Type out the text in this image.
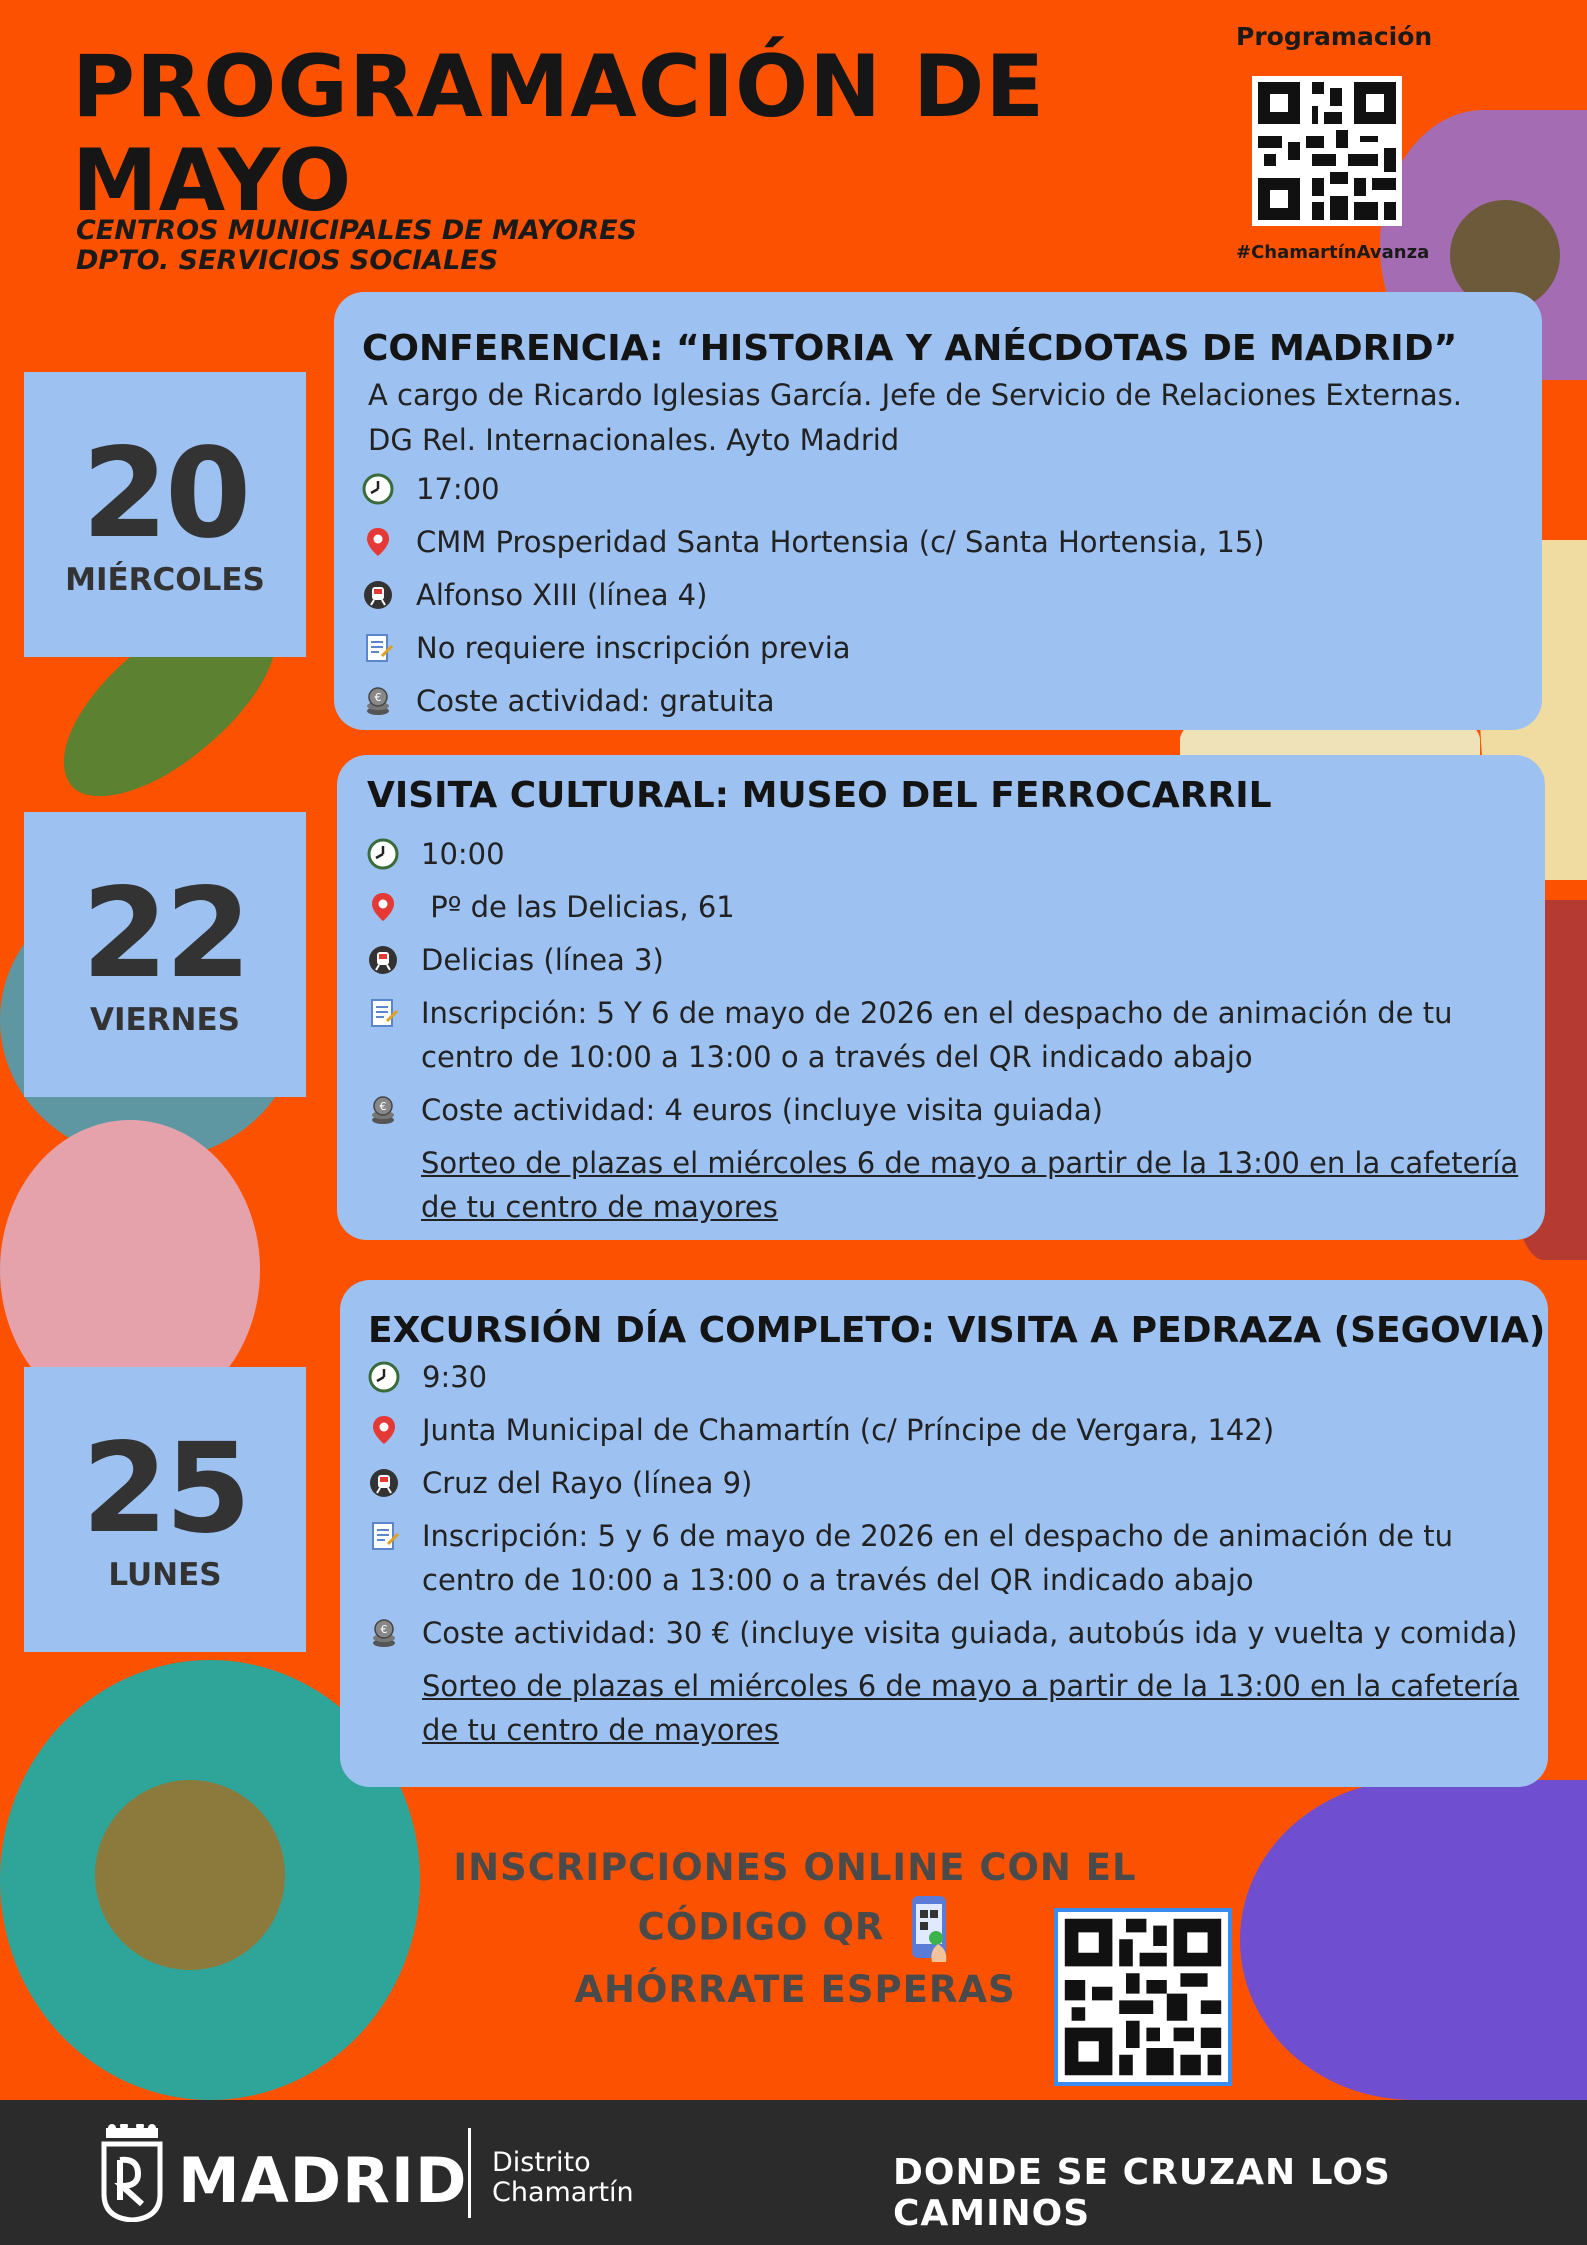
PROGRAMACIÓN DE
MAYO
CENTROS MUNICIPALES DE MAYORES
DPTO. SERVICIOS SOCIALES
Programación
#ChamartínAvanza
20
MIÉRCOLES
CONFERENCIA: “HISTORIA Y ANÉCDOTAS DE MADRID”
A cargo de Ricardo Iglesias García. Jefe de Servicio de Relaciones Externas.
DG Rel. Internacionales. Ayto Madrid
17:00
CMM Prosperidad Santa Hortensia (c/ Santa Hortensia, 15)
Alfonso XIII (línea 4)
No requiere inscripción previa
Coste actividad: gratuita
22
VIERNES
VISITA CULTURAL: MUSEO DEL FERROCARRIL
10:00
Pº de las Delicias, 61
Delicias (línea 3)
Inscripción: 5 Y 6 de mayo de 2026 en el despacho de animación de tu
centro de 10:00 a 13:00 o a través del QR indicado abajo
Coste actividad: 4 euros (incluye visita guiada)
Sorteo de plazas el miércoles 6 de mayo a partir de la 13:00 en la cafetería
de tu centro de mayores
25
LUNES
EXCURSIÓN DÍA COMPLETO: VISITA A PEDRAZA (SEGOVIA)
9:30
Junta Municipal de Chamartín (c/ Príncipe de Vergara, 142)
Cruz del Rayo (línea 9)
Inscripción: 5 y 6 de mayo de 2026 en el despacho de animación de tu
centro de 10:00 a 13:00 o a través del QR indicado abajo
Coste actividad: 30 € (incluye visita guiada, autobús ida y vuelta y comida)
Sorteo de plazas el miércoles 6 de mayo a partir de la 13:00 en la cafetería
de tu centro de mayores
INSCRIPCIONES ONLINE CON EL
CÓDIGO QR
AHÓRRATE ESPERAS
MADRID Distrito
Chamartín	DONDE SE CRUZAN LOS CAMINOS
